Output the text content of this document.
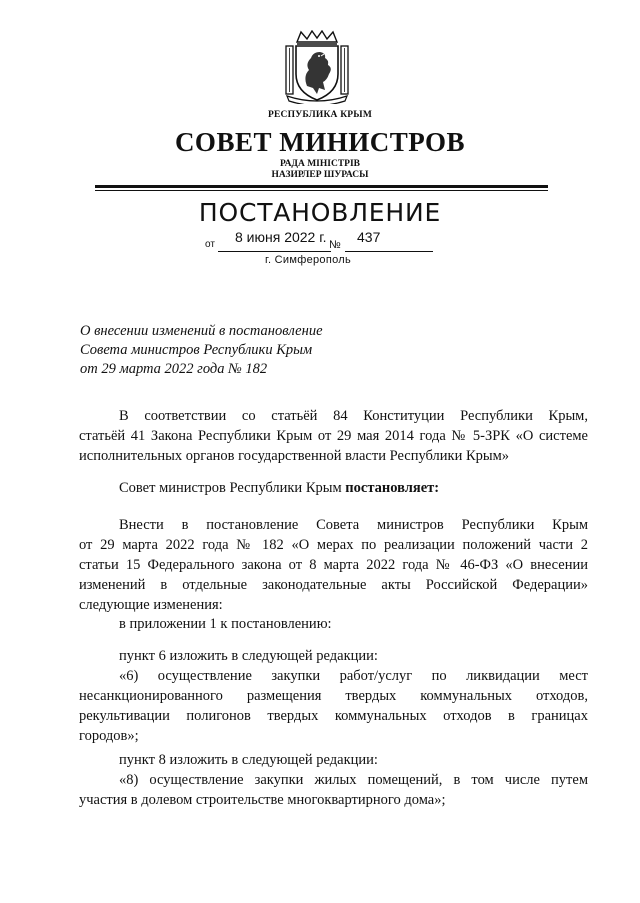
РЕСПУБЛИКА КРЫМ
СОВЕТ МИНИСТРОВ
РАДА МІНІСТРІВ
НАЗИРЛЕР ШУРАСЫ
ПОСТАНОВЛЕНИЕ
от 8 июня 2022 г. № 437
г. Симферополь
О внесении изменений в постановление
Совета министров Республики Крым
от 29 марта 2022 года № 182
В соответствии со статьёй 84 Конституции Республики Крым,
статьёй 41 Закона Республики Крым от 29 мая 2014 года № 5-ЗРК «О системе
исполнительных органов государственной власти Республики Крым»
Совет министров Республики Крым постановляет:
Внести в постановление Совета министров Республики Крым
от 29 марта 2022 года № 182 «О мерах по реализации положений части 2
статьи 15 Федерального закона от 8 марта 2022 года № 46-ФЗ «О внесении
изменений в отдельные законодательные акты Российской Федерации»
следующие изменения:
в приложении 1 к постановлению:
пункт 6 изложить в следующей редакции:
«6) осуществление закупки работ/услуг по ликвидации мест
несанкционированного размещения твердых коммунальных отходов,
рекультивации полигонов твердых коммунальных отходов в границах
городов»;
пункт 8 изложить в следующей редакции:
«8) осуществление закупки жилых помещений, в том числе путем
участия в долевом строительстве многоквартирного дома»;
